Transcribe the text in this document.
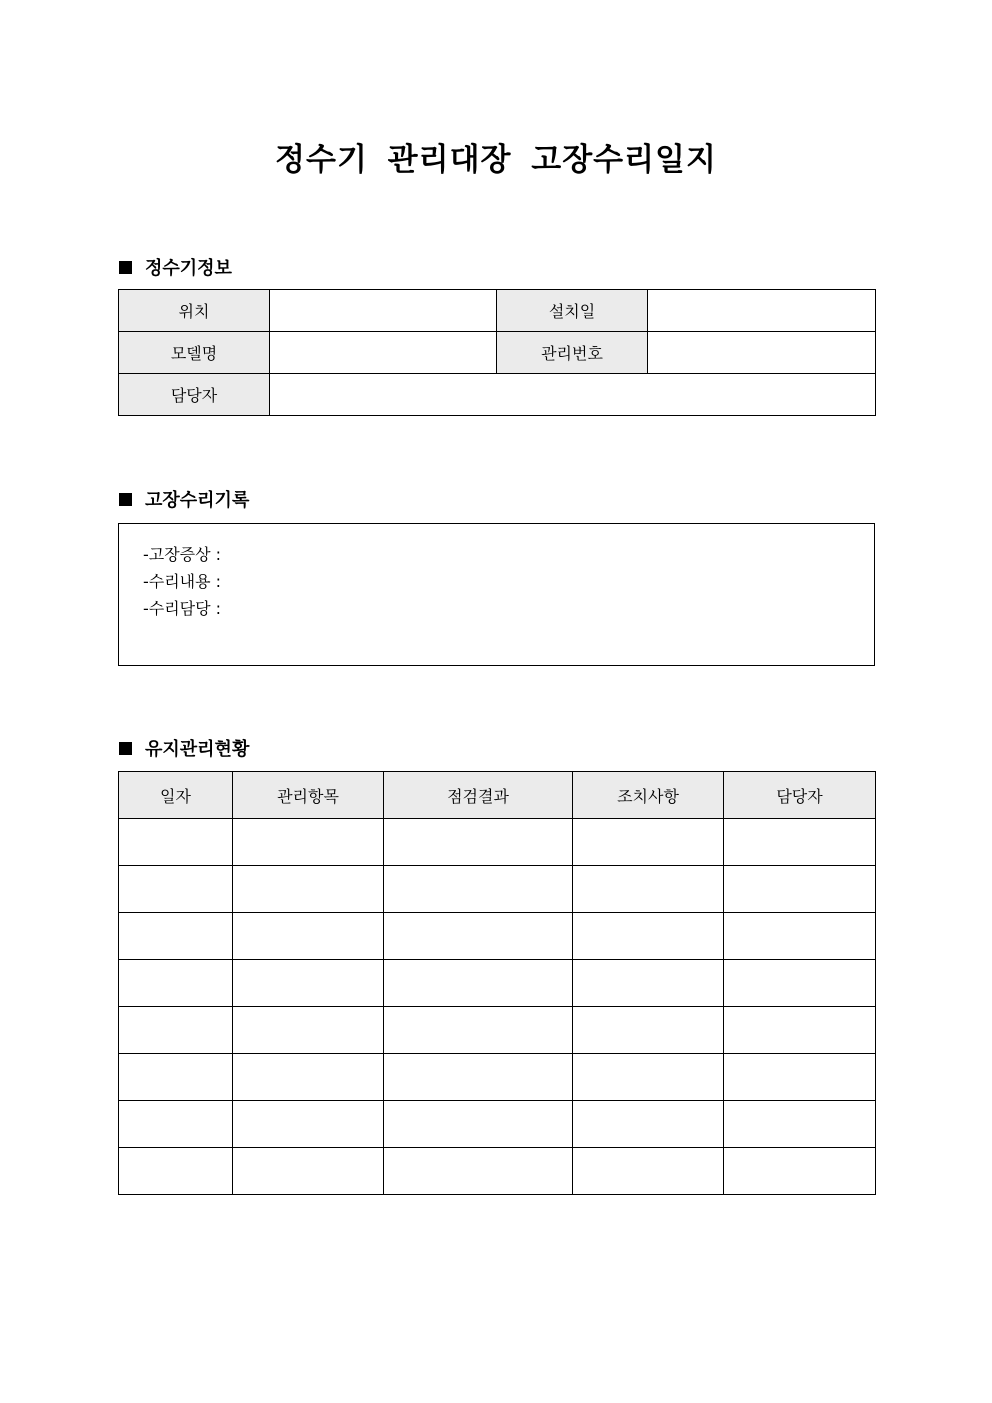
정수기 관리대장 고장수리일지
정수기정보
위치		설치일	
모델명		관리번호	
담당자			
고장수리기록
-고장증상 :
-수리내용 :
-수리담당 :
유지관리현황
일자	관리항목	점검결과	조치사항	담당자
